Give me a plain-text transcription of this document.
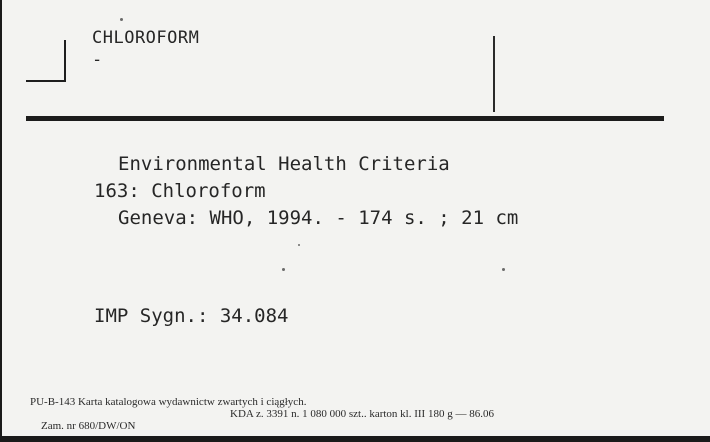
CHLOROFORM
-
Environmental Health Criteria
163: Chloroform
Geneva: WHO, 1994. - 174 s. ; 21 cm
IMP Sygn.: 34.084
PU-B-143 Karta katalogowa wydawnictw zwartych i ciągłych.

Zam. nr 680/DW/ON

KDA z. 3391 n. 1 080 000 szt.. karton kl. III 180 g — 86.06
